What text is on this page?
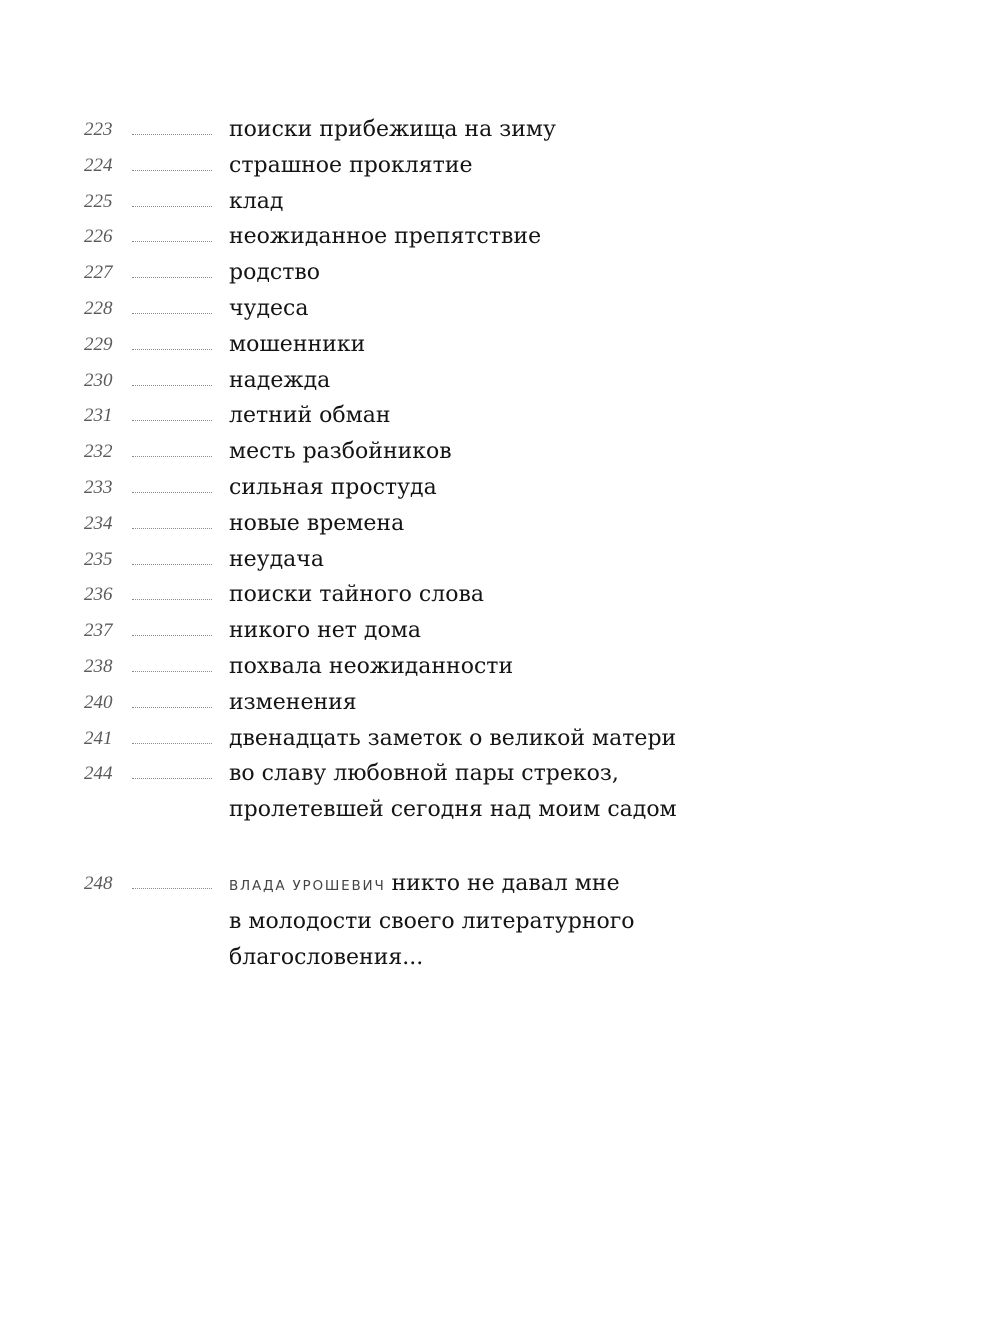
223	поиски прибежища на зиму
224	страшное проклятие
225	клад
226	неожиданное препятствие
227	родство
228	чудеса
229	мошенники
230	надежда
231	летний обман
232	месть разбойников
233	сильная простуда
234	новые времена
235	неудача
236	поиски тайного слова
237	никого нет дома
238	похвала неожиданности
240	изменения
241	двенадцать заметок о великой матери
244	во славу любовной пары стрекоз,
пролетевшей сегодня над моим садом
248	ВЛАДА УРОШЕВИЧ никто не давал мне
в молодости своего литературного
благословения...
